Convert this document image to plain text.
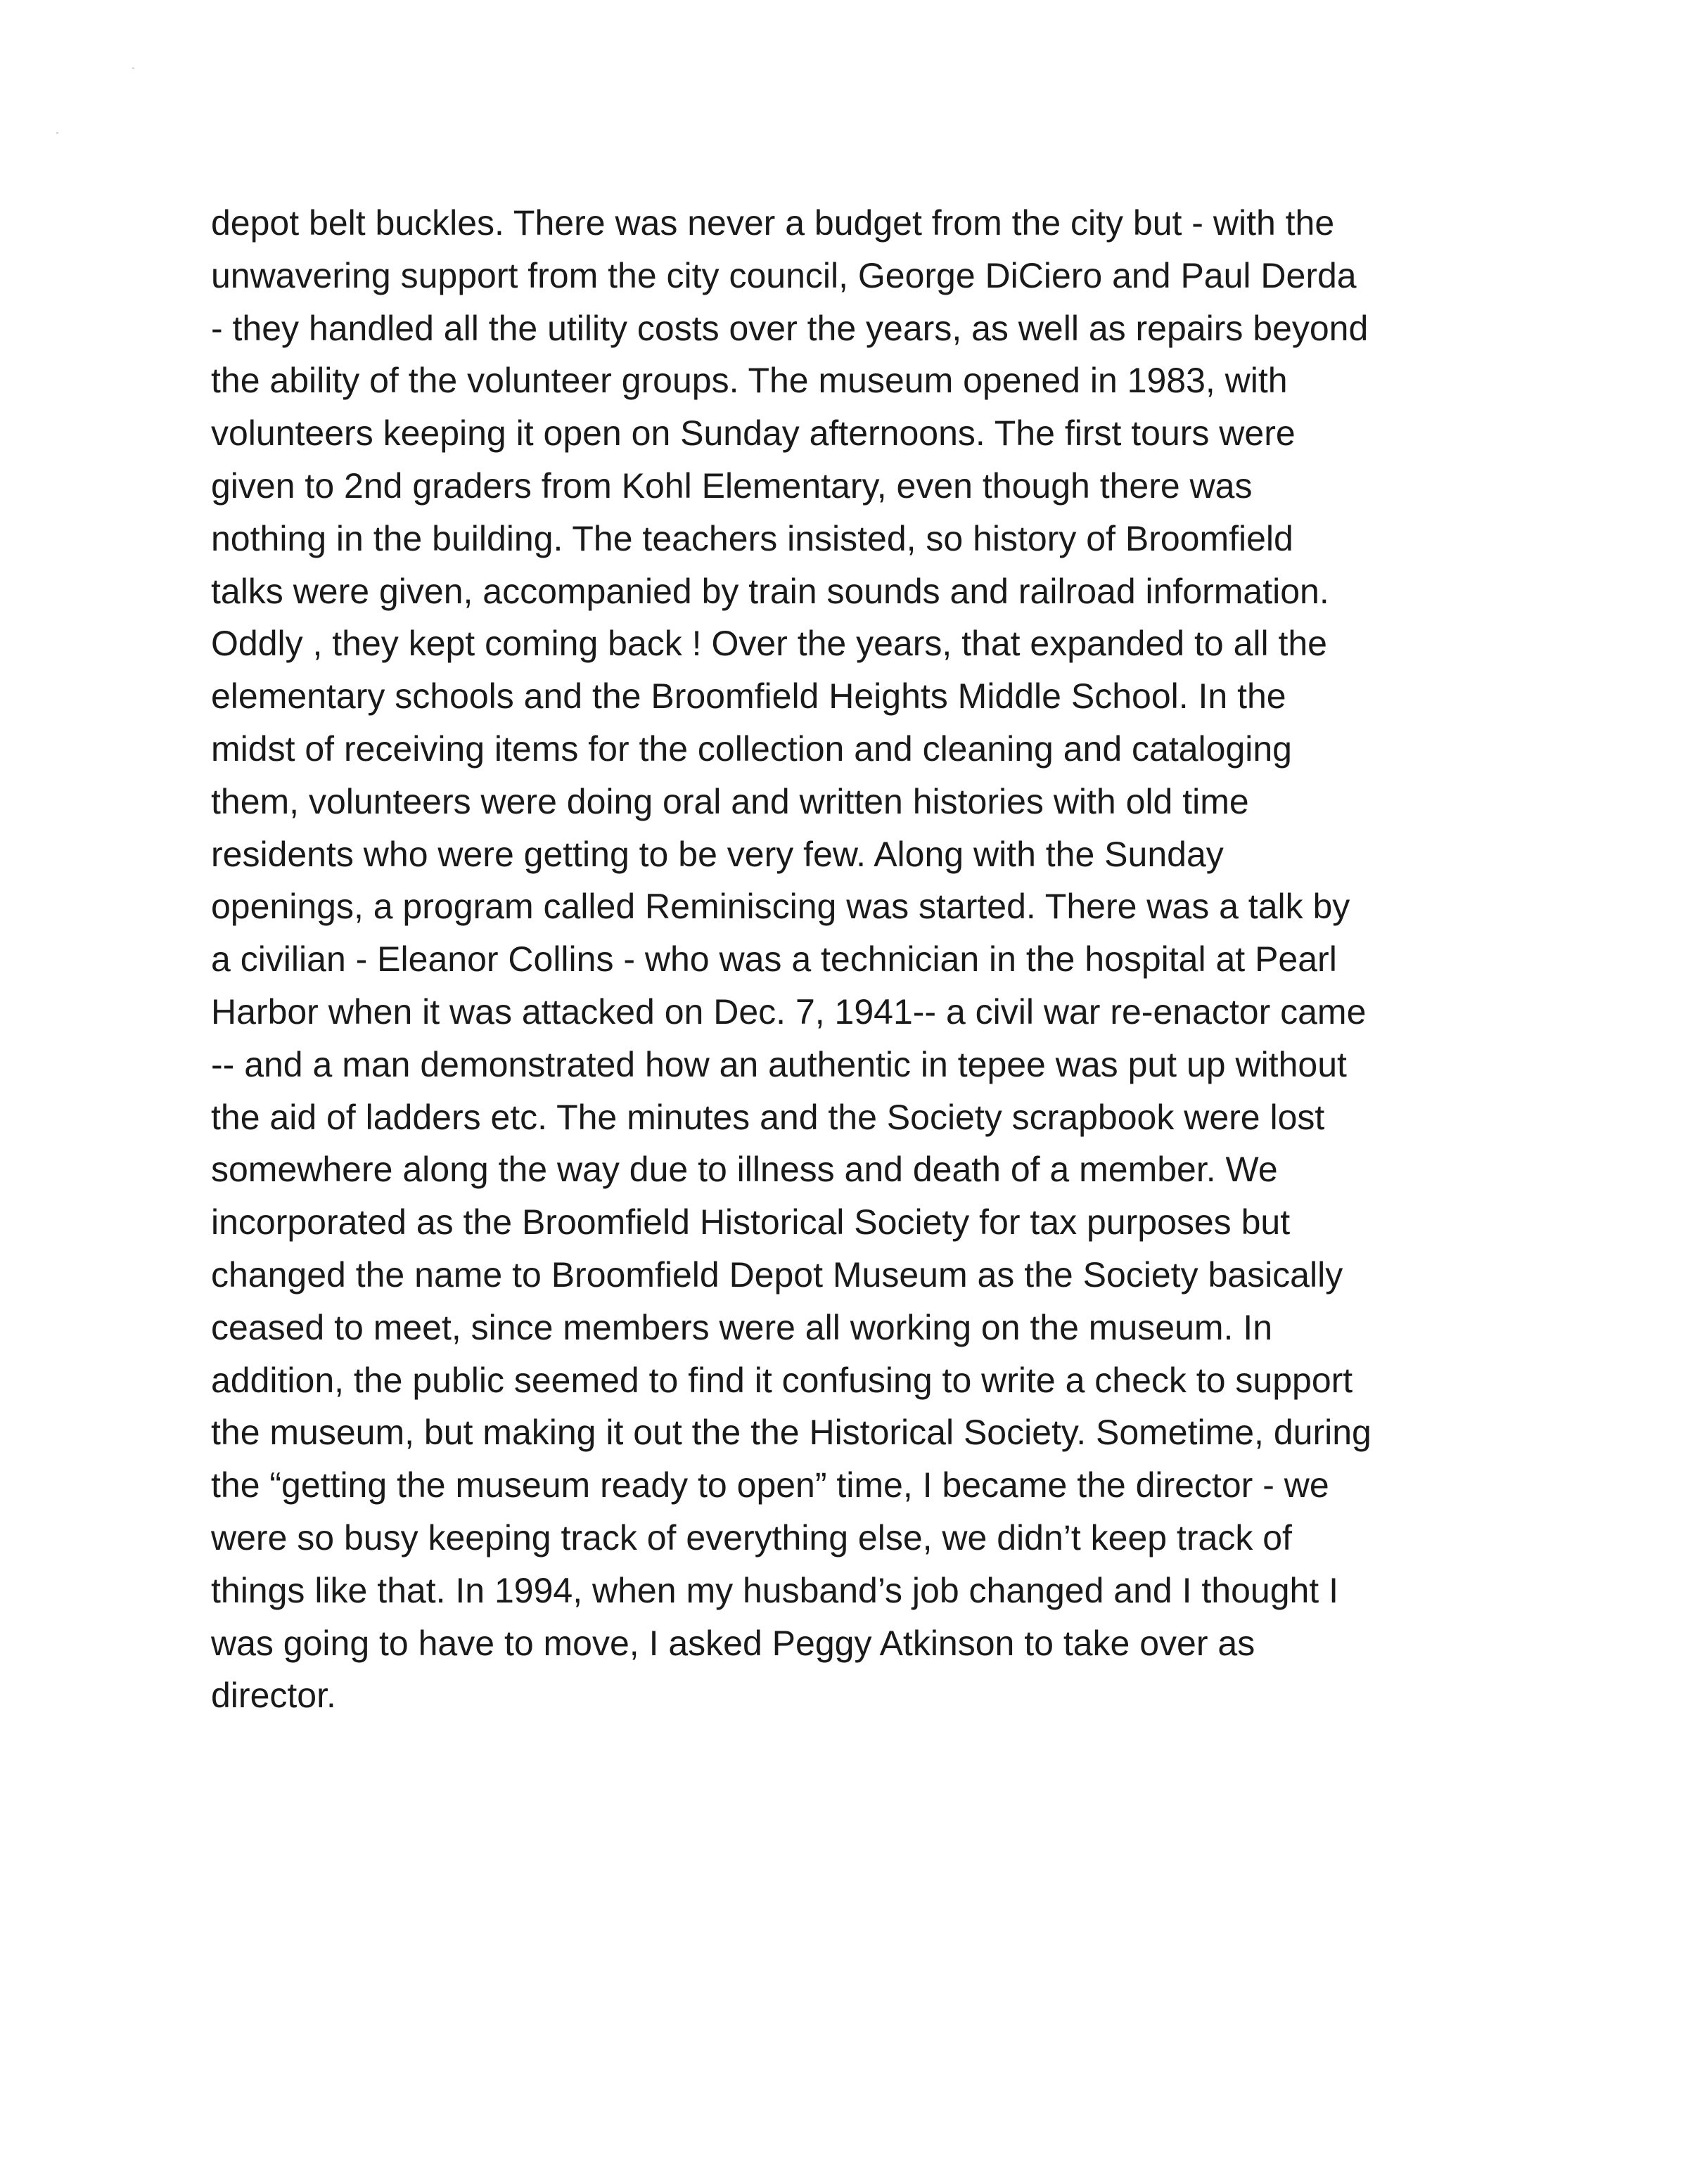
depot belt buckles. There was never a budget from the city but - with the
unwavering support from the city council, George DiCiero and Paul Derda
- they handled all the utility costs over the years, as well as repairs beyond
the ability of the volunteer groups. The museum opened in 1983, with
volunteers keeping it open on Sunday afternoons. The first tours were
given to 2nd graders from Kohl Elementary, even though there was
nothing in the building. The teachers insisted, so history of Broomfield
talks were given, accompanied by train sounds and railroad information.
Oddly , they kept coming back ! Over the years, that expanded to all the
elementary schools and the Broomfield Heights Middle School. In the
midst of receiving items for the collection and cleaning and cataloging
them, volunteers were doing oral and written histories with old time
residents who were getting to be very few. Along with the Sunday
openings, a program called Reminiscing was started. There was a talk by
a civilian - Eleanor Collins - who was a technician in the hospital at Pearl
Harbor when it was attacked on Dec. 7, 1941-- a civil war re-enactor came
-- and a man demonstrated how an authentic in tepee was put up without
the aid of ladders etc. The minutes and the Society scrapbook were lost
somewhere along the way due to illness and death of a member. We
incorporated as the Broomfield Historical Society for tax purposes but
changed the name to Broomfield Depot Museum as the Society basically
ceased to meet, since members were all working on the museum. In
addition, the public seemed to find it confusing to write a check to support
the museum, but making it out the the Historical Society. Sometime, during
the “getting the museum ready to open” time, I became the director - we
were so busy keeping track of everything else, we didn’t keep track of
things like that. In 1994, when my husband’s job changed and I thought I
was going to have to move, I asked Peggy Atkinson to take over as
director.
